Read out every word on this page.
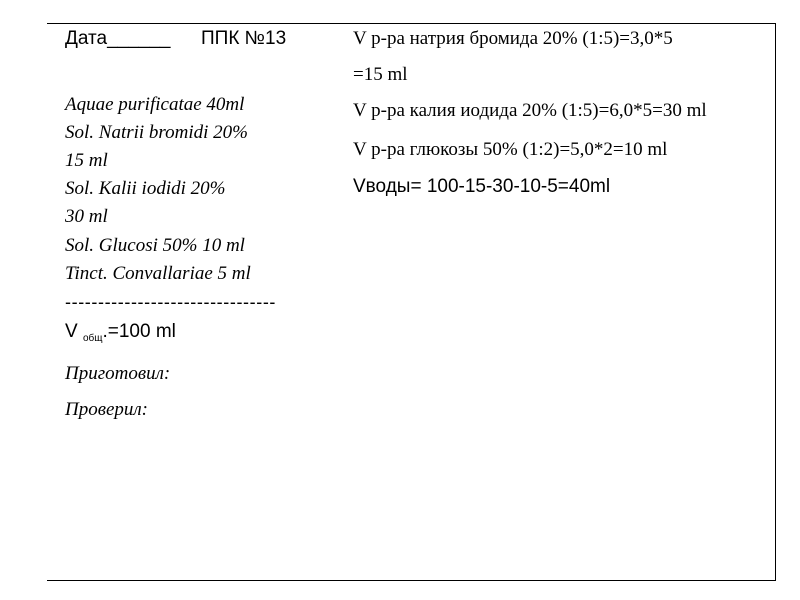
Дата______ ППК №13
Aquae purificatae 40ml
Sol. Natrii bromidi 20%
15 ml
Sol. Kalii iodidi 20%
30 ml
Sol. Glucosi 50% 10 ml
Tinct. Convallariae 5 ml
--------------------------------
V $_{общ}$.=100 ml
Приготовил:
Проверил:
V р-ра натрия бромида 20% (1:5)=3,0*5
=15 ml
V р-ра калия иодида 20% (1:5)=6,0*5=30 ml
V р-ра глюкозы 50% (1:2)=5,0*2=10 ml
Vводы= 100-15-30-10-5=40ml
